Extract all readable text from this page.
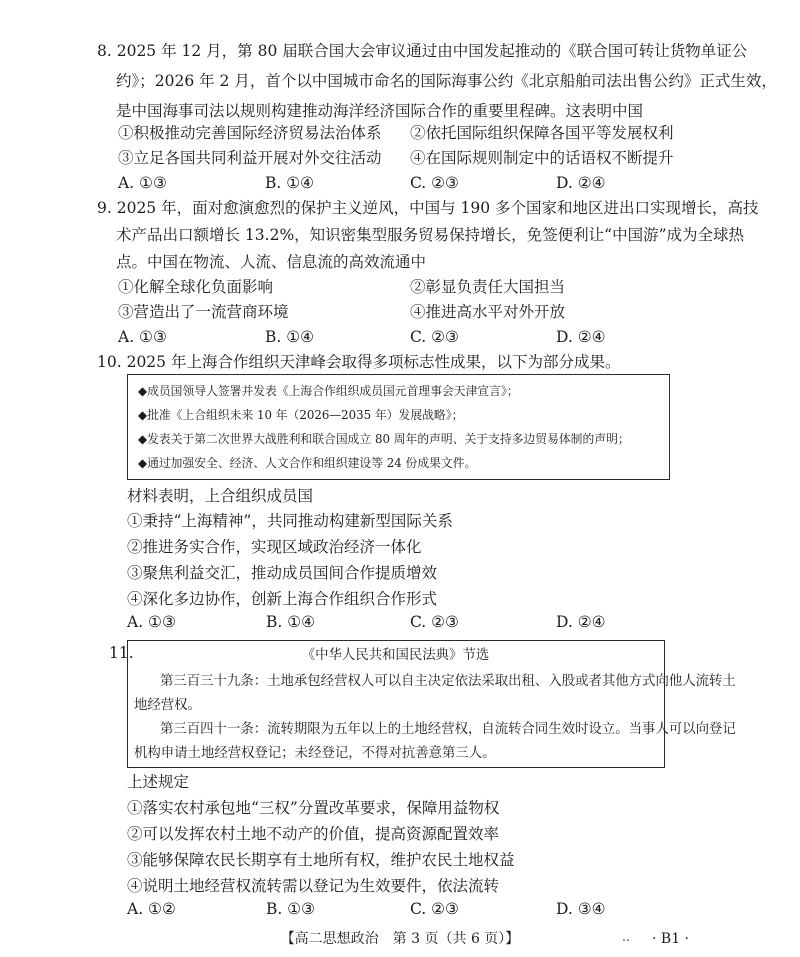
8. 2025 年 12 月，第 80 届联合国大会审议通过由中国发起推动的《联合国可转让货物单证公
约》；2026 年 2 月，首个以中国城市命名的国际海事公约《北京船舶司法出售公约》正式生效，
是中国海事司法以规则构建推动海洋经济国际合作的重要里程碑。这表明中国
①积极推动完善国际经济贸易法治体系 ②依托国际组织保障各国平等发展权利
③立足各国共同利益开展对外交往活动 ④在国际规则制定中的话语权不断提升
A. ①③	B. ①④	C. ②③	D. ②④
9. 2025 年，面对愈演愈烈的保护主义逆风，中国与 190 多个国家和地区进出口实现增长，高技
术产品出口额增长 13.2%，知识密集型服务贸易保持增长，免签便利让“中国游”成为全球热
点。中国在物流、人流、信息流的高效流通中
①化解全球化负面影响	②彰显负责任大国担当
③营造出了一流营商环境	④推进高水平对外开放
A. ①③	B. ①④	C. ②③	D. ②④
10. 2025 年上海合作组织天津峰会取得多项标志性成果，以下为部分成果。
◆成员国领导人签署并发表《上海合作组织成员国元首理事会天津宣言》；
◆批准《上合组织未来 10 年（2026—2035 年）发展战略》；
◆发表关于第二次世界大战胜利和联合国成立 80 周年的声明、关于支持多边贸易体制的声明；
◆通过加强安全、经济、人文合作和组织建设等 24 份成果文件。
材料表明，上合组织成员国
①秉持“上海精神”，共同推动构建新型国际关系
②推进务实合作，实现区域政治经济一体化
③聚焦利益交汇，推动成员国间合作提质增效
④深化多边协作，创新上海合作组织合作形式
A. ①③	B. ①④	C. ②③	D. ②④
11.	《中华人民共和国民法典》节选
第三百三十九条：土地承包经营权人可以自主决定依法采取出租、入股或者其他方式向他人流转土
地经营权。
第三百四十一条：流转期限为五年以上的土地经营权，自流转合同生效时设立。当事人可以向登记
机构申请土地经营权登记；未经登记，不得对抗善意第三人。
上述规定
①落实农村承包地“三权”分置改革要求，保障用益物权
②可以发挥农村土地不动产的价值，提高资源配置效率
③能够保障农民长期享有土地所有权，维护农民土地权益
④说明土地经营权流转需以登记为生效要件，依法流转
A. ①②	B. ①③	C. ②③	D. ③④
【高二思想政治　第 3 页（共 6 页）】	‥ · B1 ·
